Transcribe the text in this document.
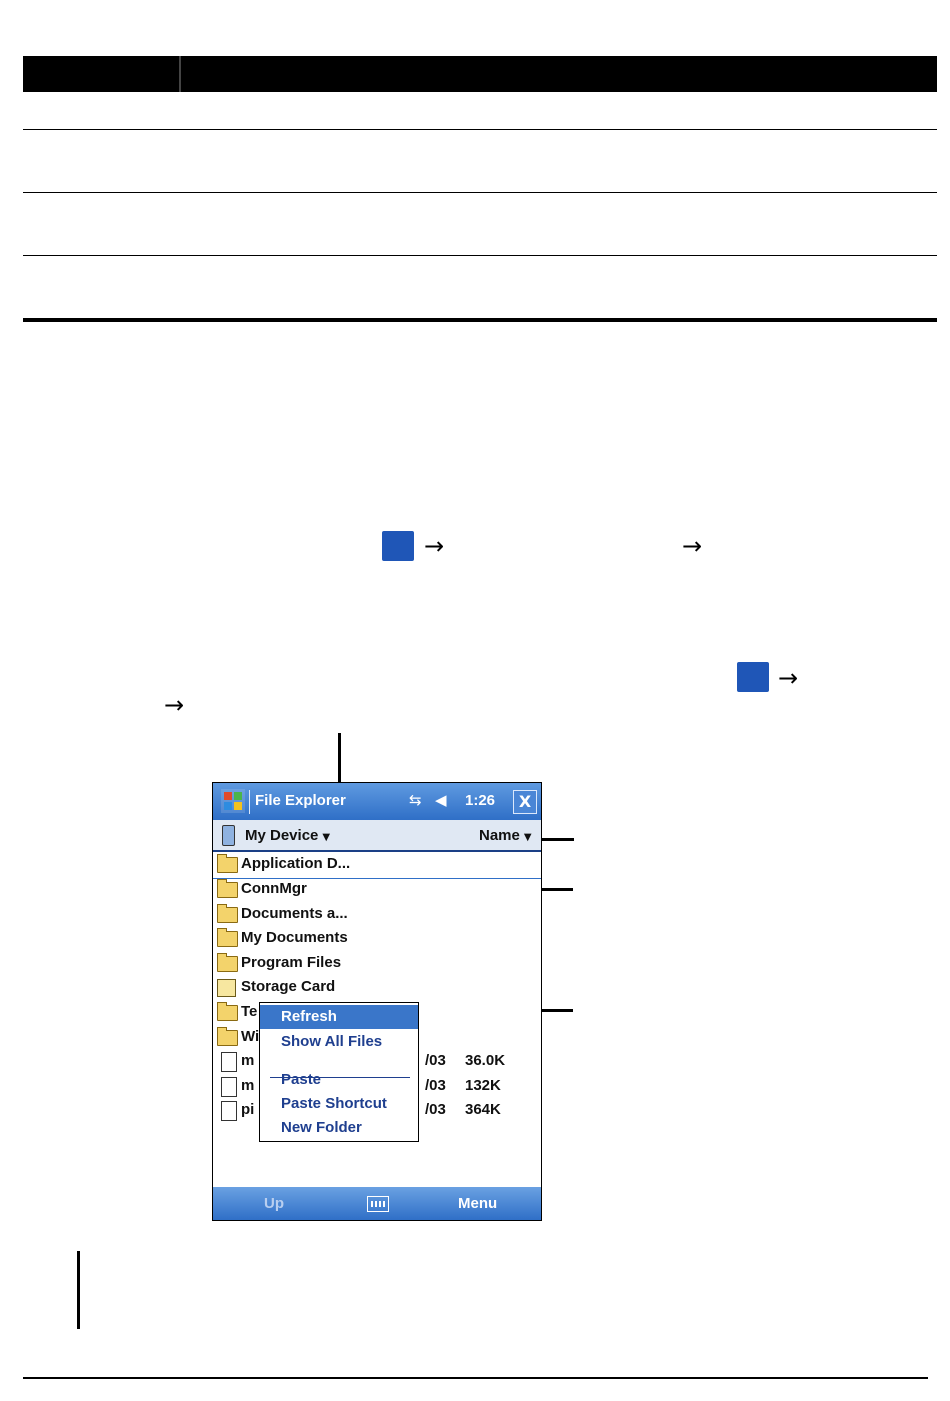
→	→
→
→
File Explorer	⇆ ◀ 1:26	X
My Device ▼	Name ▼
Application D...
ConnMgr
Documents a...
My Documents
Program Files
Storage Card
Te
Wi
m	/03 36.0K
m	/03 132K
pi	/03 364K
Refresh
Show All Files
Paste
Paste Shortcut
New Folder
Up	Menu
